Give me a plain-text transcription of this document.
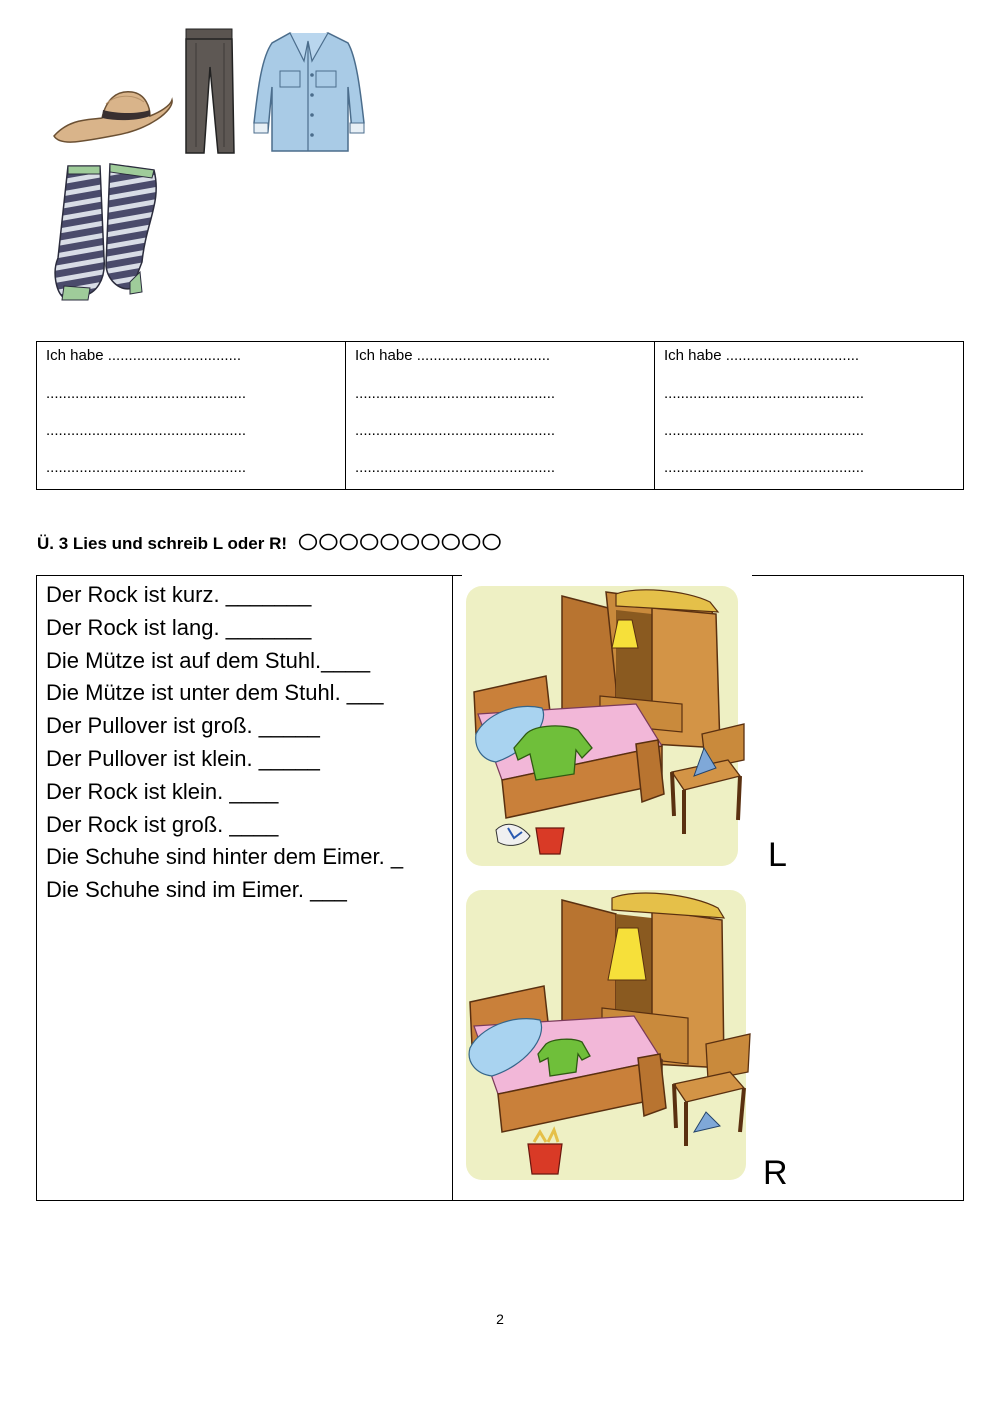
Ich habe ................................
................................................
................................................
................................................

Ich habe ................................
................................................
................................................
................................................

Ich habe ................................
................................................
................................................
................................................
Ü. 3 Lies und schreib L oder R!
Der Rock ist kurz. _______
Der Rock ist lang. _______
Die Mütze ist auf dem Stuhl.____
Die Mütze ist unter dem Stuhl. ___
Der Pullover ist groß. _____
Der Pullover ist klein. _____
Der Rock ist klein. ____
Der Rock ist groß. ____
Die Schuhe sind hinter dem Eimer. _
Die Schuhe sind im Eimer. ___
L
R
2
